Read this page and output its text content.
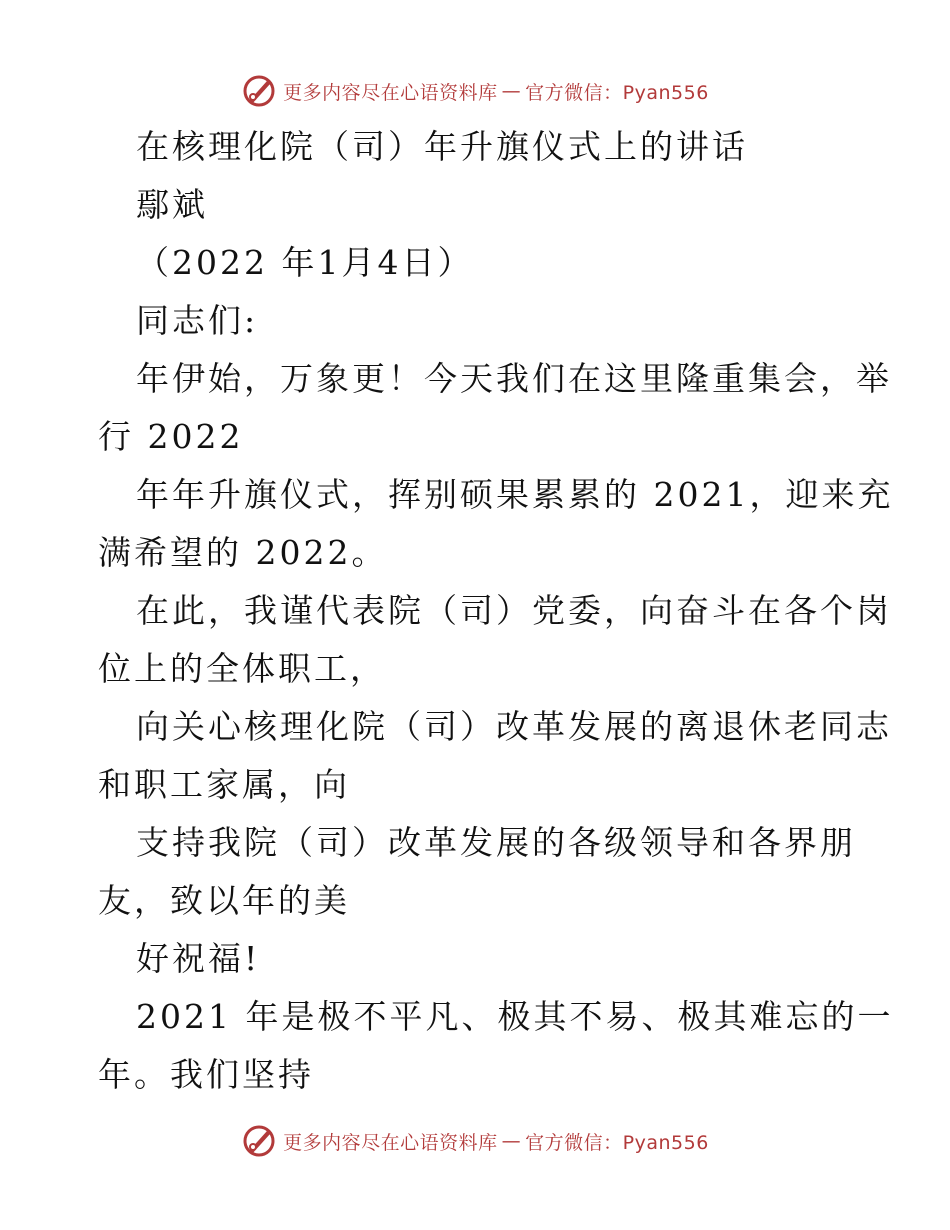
更多内容尽在心语资料库 — 官方微信：Pyan556
在核理化院（司）年升旗仪式上的讲话
鄢斌
（2022 年1月4日）
同志们:
年伊始，万象更！今天我们在这里隆重集会，举
行 2022
年年升旗仪式，挥别硕果累累的 2021，迎来充
满希望的 2022。
在此，我谨代表院（司）党委，向奋斗在各个岗
位上的全体职工，
向关心核理化院（司）改革发展的离退休老同志
和职工家属，向
支持我院（司）改革发展的各级领导和各界朋
友，致以年的美
好祝福!
2021 年是极不平凡、极其不易、极其难忘的一
年。我们坚持
更多内容尽在心语资料库 — 官方微信：Pyan556
